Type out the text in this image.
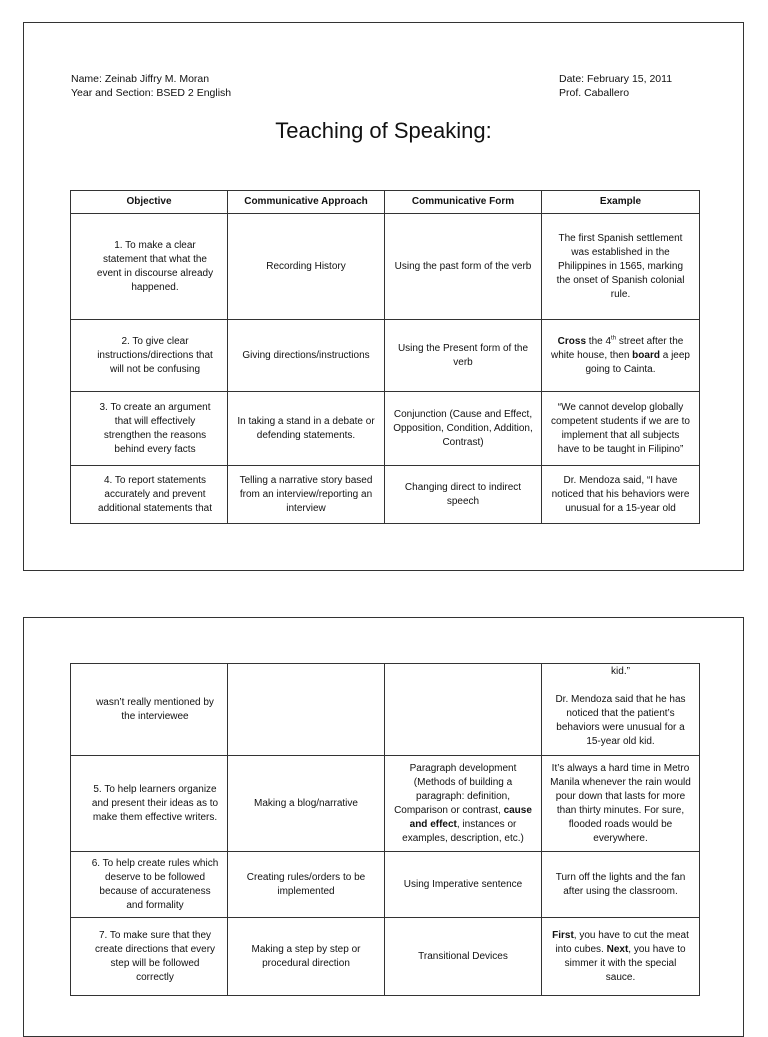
Name: Zeinab Jiffry M. Moran
Year and Section: BSED 2 English
Date: February 15, 2011
Prof. Caballero
Teaching of Speaking:
Objective	Communicative Approach	Communicative Form	Example
1. To make a clear statement that what the event in discourse already happened.	Recording History	Using the past form of the verb	The first Spanish settlement was established in the Philippines in 1565, marking the onset of Spanish colonial rule.
2. To give clear instructions/directions that will not be confusing	Giving directions/instructions	Using the Present form of the verb	Cross the 4th street after the white house, then board a jeep going to Cainta.
3. To create an argument that will effectively strengthen the reasons behind every facts	In taking a stand in a debate or defending statements.	Conjunction (Cause and Effect, Opposition, Condition, Addition, Contrast)	“We cannot develop globally competent students if we are to implement that all subjects have to be taught in Filipino”
4. To report statements accurately and prevent additional statements that	Telling a narrative story based from an interview/reporting an interview	Changing direct to indirect speech	Dr. Mendoza said, “I have noticed that his behaviors were unusual for a 15-year old
wasn’t really mentioned by the interviewee			kid.”
Dr. Mendoza said that he has noticed that the patient’s behaviors were unusual for a 15-year old kid.

5. To help learners organize and present their ideas as to make them effective writers.	Making a blog/narrative	Paragraph development (Methods of building a paragraph: definition, Comparison or contrast, cause and effect, instances or examples, description, etc.)	It’s always a hard time in Metro Manila whenever the rain would pour down that lasts for more than thirty minutes. For sure, flooded roads would be everywhere.
6. To help create rules which deserve to be followed because of accurateness and formality	Creating rules/orders to be implemented	Using Imperative sentence	Turn off the lights and the fan after using the classroom.
7. To make sure that they create directions that every step will be followed correctly	Making a step by step or procedural direction	Transitional Devices	First, you have to cut the meat into cubes. Next, you have to simmer it with the special sauce.
